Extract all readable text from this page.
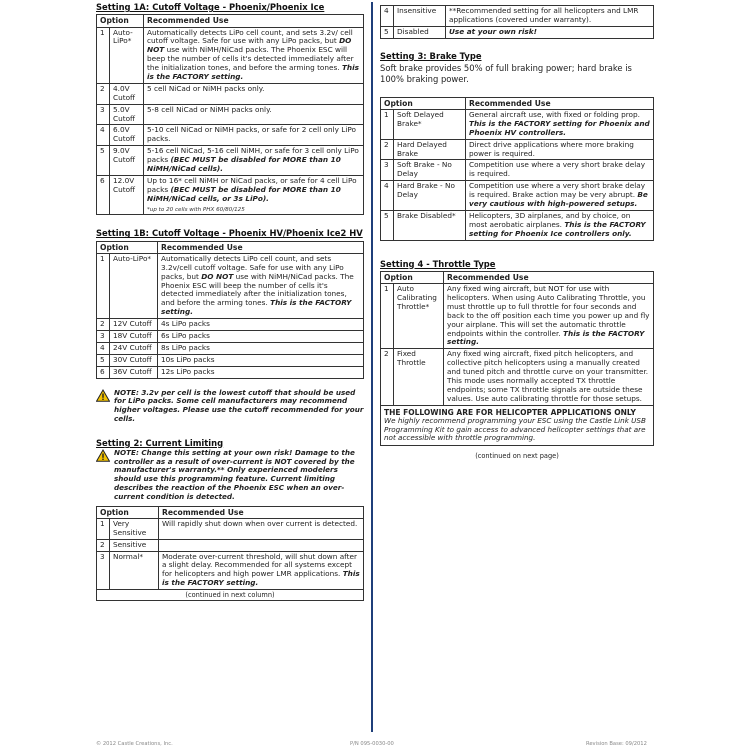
Setting 1A: Cutoff Voltage - Phoenix/Phoenix Ice
Option		Recommended Use
1	Auto-LiPo*	Automatically detects LiPo cell count, and sets 3.2v/ cell cutoff voltage. Safe for use with any LiPo packs, but DO NOT use with NiMH/NiCad packs. The Phoenix ESC will beep the number of cells it's detected immediately after the initialization tones, and before the arming tones. This is the FACTORY setting.
2	4.0V Cutoff	5 cell NiCad or NiMH packs only.
3	5.0V Cutoff	5-8 cell NiCad or NiMH packs only.
4	6.0V Cutoff	5-10 cell NiCad or NiMH packs, or safe for 2 cell only LiPo packs.
5	9.0V Cutoff	5-16 cell NiCad, 5-16 cell NiMH, or safe for 3 cell only LiPo packs (BEC MUST be disabled for MORE than 10 NiMH/NiCad cells).
6	12.0V Cutoff	Up to 16* cell NiMH or NiCad packs, or safe for 4 cell LiPo packs (BEC MUST be disabled for MORE than 10 NiMH/NiCad cells, or 3s LiPo).
*up to 20 cells with PHX 60/80/125
Setting 1B: Cutoff Voltage - Phoenix HV/Phoenix Ice2 HV
Option		Recommended Use
1	Auto-LiPo*	Automatically detects LiPo cell count, and sets 3.2v/cell cutoff voltage. Safe for use with any LiPo packs, but DO NOT use with NiMH/NiCad packs. The Phoenix ESC will beep the number of cells it's detected immediately after the initialization tones, and before the arming tones. This is the FACTORY setting.
2	12V Cutoff	4s LiPo packs
3	18V Cutoff	6s LiPo packs
4	24V Cutoff	8s LiPo packs
5	30V Cutoff	10s LiPo packs
6	36V Cutoff	12s LiPo packs
NOTE: 3.2v per cell is the lowest cutoff that should be used for LiPo packs. Some cell manufacturers may recommend higher voltages. Please use the cutoff recommended for your cells.
Setting 2: Current Limiting
NOTE: Change this setting at your own risk! Damage to the controller as a result of over-current is NOT covered by the manufacturer's warranty.** Only experienced modelers should use this programming feature. Current limiting describes the reaction of the Phoenix ESC when an over-current condition is detected.
Option		Recommended Use
1	Very Sensitive	Will rapidly shut down when over current is detected.
2	Sensitive	
3	Normal*	Moderate over-current threshold, will shut down after a slight delay. Recommended for all systems except for helicopters and high power LMR applications. This is the FACTORY setting.
(continued in next column)		
4	Insensitive	**Recommended setting for all helicopters and LMR applications (covered under warranty).
5	Disabled	Use at your own risk!
Setting 3: Brake Type
Soft brake provides 50% of full braking power; hard brake is 100% braking power.
Option		Recommended Use
1	Soft Delayed Brake*	General aircraft use, with fixed or folding prop. This is the FACTORY setting for Phoenix and Phoenix HV controllers.
2	Hard Delayed Brake	Direct drive applications where more braking power is required.
3	Soft Brake - No Delay	Competition use where a very short brake delay is required.
4	Hard Brake - No Delay	Competition use where a very short brake delay is required. Brake action may be very abrupt. Be very cautious with high-powered setups.
5	Brake Disabled*	Helicopters, 3D airplanes, and by choice, on most aerobatic airplanes. This is the FACTORY setting for Phoenix Ice controllers only.
Setting 4 - Throttle Type
Option		Recommended Use
1	Auto Calibrating Throttle*	Any fixed wing aircraft, but NOT for use with helicopters. When using Auto Calibrating Throttle, you must throttle up to full throttle for four seconds and back to the off position each time you power up and fly your airplane. This will set the automatic throttle endpoints within the controller. This is the FACTORY setting.
2	Fixed Throttle	Any fixed wing aircraft, fixed pitch helicopters, and collective pitch helicopters using a manually created and tuned pitch and throttle curve on your transmitter. This mode uses normally accepted TX throttle endpoints; some TX throttle signals are outside these values. Use auto calibrating throttle for those setups.
THE FOLLOWING ARE FOR HELICOPTER APPLICATIONS ONLY
We highly recommend programming your ESC using the Castle Link USB Programming Kit to gain access to advanced helicopter settings that are not accessible with throttle programming.
(continued on next page)
© 2012 Castle Creations, Inc.	P/N 095-0030-00	Revision Base: 09/2012
